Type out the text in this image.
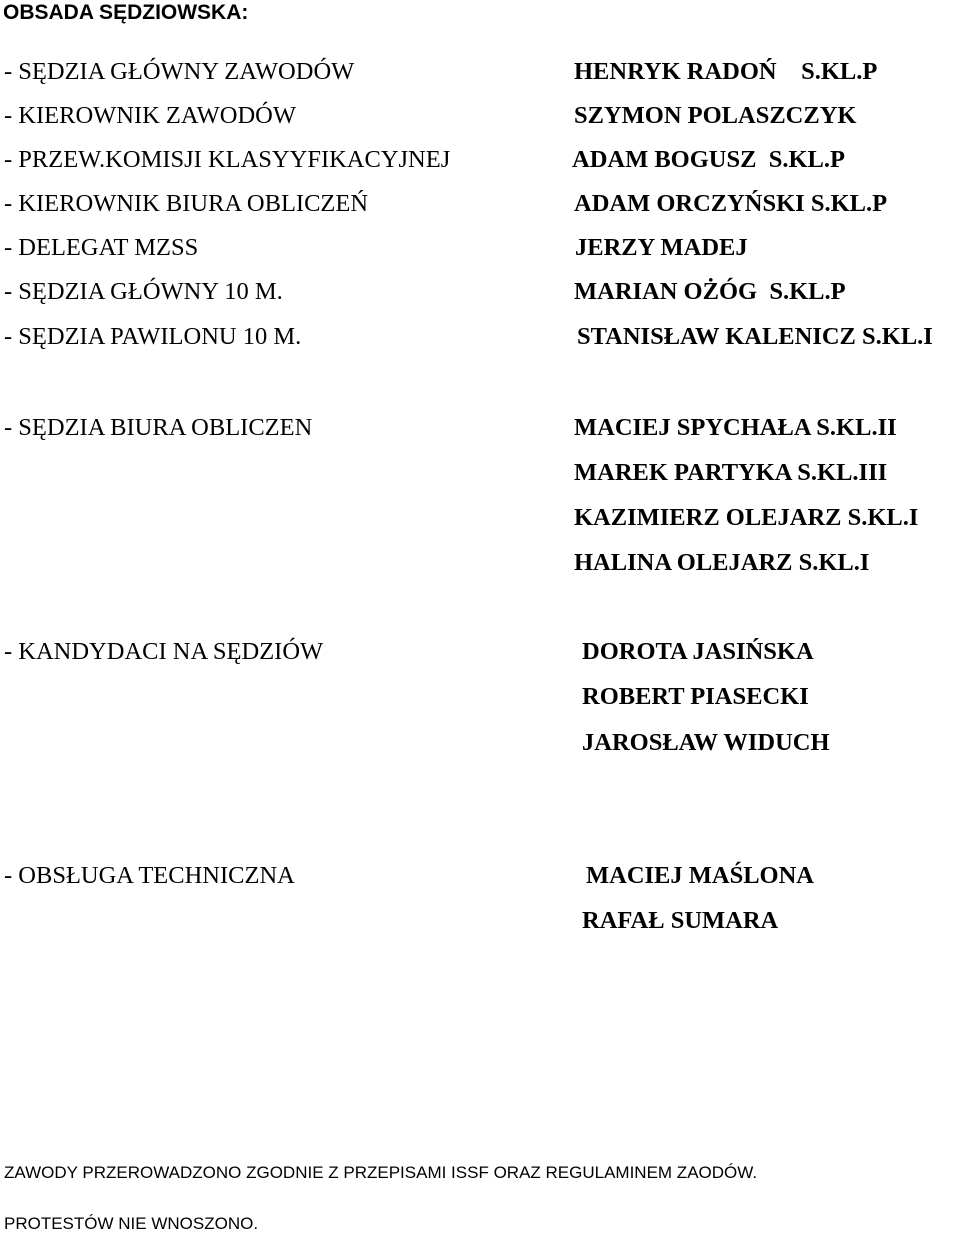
OBSADA SĘDZIOWSKA:
- SĘDZIA GŁÓWNY ZAWODÓW	HENRYK RADOŃ    S.KL.P
- KIEROWNIK ZAWODÓW	SZYMON POLASZCZYK
- PRZEW.KOMISJI KLASYYFIKACYJNEJ	ADAM BOGUSZ  S.KL.P
- KIEROWNIK BIURA OBLICZEŃ	ADAM ORCZYŃSKI S.KL.P
- DELEGAT MZSS	JERZY MADEJ
- SĘDZIA GŁÓWNY 10 M.	MARIAN OŻÓG  S.KL.P
- SĘDZIA PAWILONU 10 M.	STANISŁAW KALENICZ S.KL.I
- SĘDZIA BIURA OBLICZEN	MACIEJ SPYCHAŁA S.KL.II
MAREK PARTYKA S.KL.III
KAZIMIERZ OLEJARZ S.KL.I
HALINA OLEJARZ S.KL.I
- KANDYDACI NA SĘDZIÓW	DOROTA JASIŃSKA
ROBERT PIASECKI
JAROSŁAW WIDUCH
- OBSŁUGA TECHNICZNA	MACIEJ MAŚLONA
RAFAŁ SUMARA
ZAWODY PRZEROWADZONO ZGODNIE Z PRZEPISAMI ISSF ORAZ REGULAMINEM ZAODÓW.
PROTESTÓW NIE WNOSZONO.
